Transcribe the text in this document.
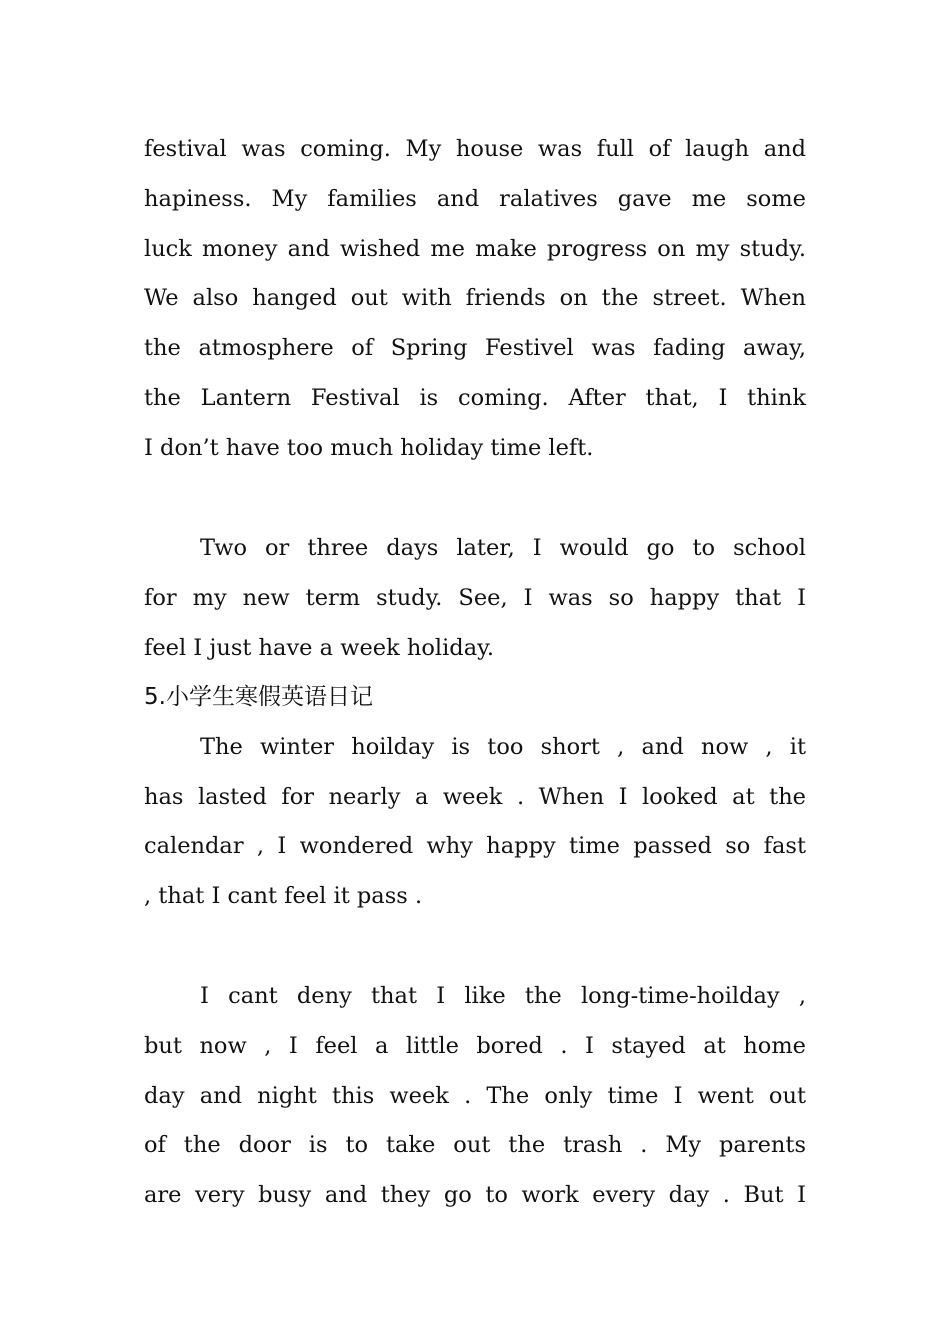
festival was coming. My house was full of laugh and
hapiness. My families and ralatives gave me some
luck money and wished me make progress on my study.
We also hanged out with friends on the street. When
the atmosphere of Spring Festivel was fading away,
the Lantern Festival is coming. After that, I think
I don’t have too much holiday time left.
Two or three days later, I would go to school
for my new term study. See, I was so happy that I
feel I just have a week holiday.
5.小学生寒假英语日记
The winter hoilday is too short , and now , it
has lasted for nearly a week . When I looked at the
calendar , I wondered why happy time passed so fast
, that I cant feel it pass .
I cant deny that I like the long-time-hoilday ,
but now , I feel a little bored . I stayed at home
day and night this week . The only time I went out
of the door is to take out the trash . My parents
are very busy and they go to work every day . But I
